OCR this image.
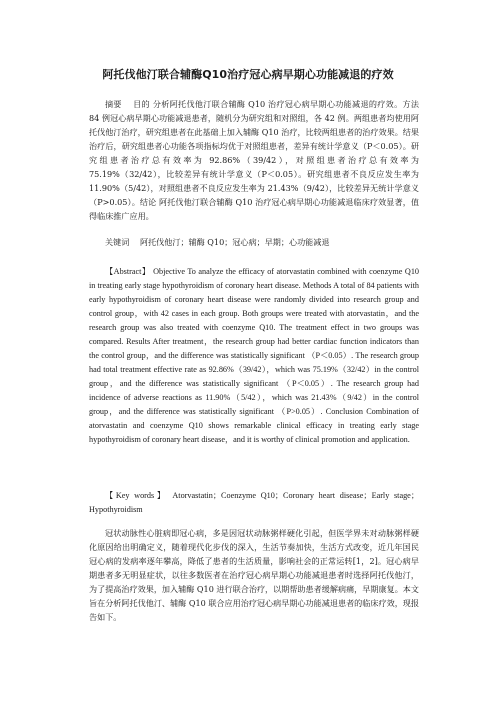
阿托伐他汀联合辅酶Q10治疗冠心病早期心功能减退的疗效
摘要　 目的 分析阿托伐他汀联合辅酶 Q10 治疗冠心病早期心功能减退的疗效。方法 84 例冠心病早期心功能减退患者，随机分为研究组和对照组，各 42 例。两组患者均使用阿托伐他汀治疗，研究组患者在此基础上加入辅酶 Q10 治疗，比较两组患者的治疗效果。结果 治疗后，研究组患者心功能各项指标均优于对照组患者，差异有统计学意义（P＜0.05）。研究组患者治疗总有效率为 92.86%（39/42），对照组患者治疗总有效率为 75.19%（32/42），比较差异有统计学意义（P＜0.05）。研究组患者不良反应发生率为 11.90%（5/42），对照组患者不良反应发生率为 21.43%（9/42），比较差异无统计学意义（P>0.05）。结论 阿托伐他汀联合辅酶 Q10 治疗冠心病早期心功能减退临床疗效显著，值得临床推广应用。
关键词　 阿托伐他汀；辅酶 Q10；冠心病；早期；心功能减退
【Abstract】 Objective To analyze the efficacy of atorvastatin combined with coenzyme Q10 in treating early stage hypothyroidism of coronary heart disease. Methods A total of 84 patients with early hypothyroidism of coronary heart disease were randomly divided into research group and control group，with 42 cases in each group. Both groups were treated with atorvastatin，and the research group was also treated with coenzyme Q10. The treatment effect in two groups was compared. Results After treatment，the research group had better cardiac function indicators than the control group，and the difference was statistically significant （P＜0.05）. The research group had total treatment effective rate as 92.86%（39/42），which was 75.19%（32/42）in the control group，and the difference was statistically significant （P＜0.05）. The research group had incidence of adverse reactions as 11.90%（5/42），which was 21.43%（9/42）in the control group，and the difference was statistically significant （P>0.05）. Conclusion Combination of atorvastatin and coenzyme Q10 shows remarkable clinical efficacy in treating early stage hypothyroidism of coronary heart disease，and it is worthy of clinical promotion and application.
【Key words】 Atorvastatin；Coenzyme Q10；Coronary heart disease；Early stage；Hypothyroidism
冠状动脉性心脏病即冠心病，多是因冠状动脉粥样硬化引起，但医学界未对动脉粥样硬化原因给出明确定义，随着现代化步伐的深入，生活节奏加快，生活方式改变，近几年国民冠心病的发病率逐年攀高，降低了患者的生活质量，影响社会的正常运转[1，2]。冠心病早期患者多无明显症状，以往多数医者在治疗冠心病早期心功能减退患者时选择阿托伐他汀，为了提高治疗效果，加入辅酶 Q10 进行联合治疗，以期帮助患者缓解病痛，早期康复。本文旨在分析阿托伐他汀、辅酶 Q10 联合应用治疗冠心病早期心功能减退患者的临床疗效，现报告如下。
